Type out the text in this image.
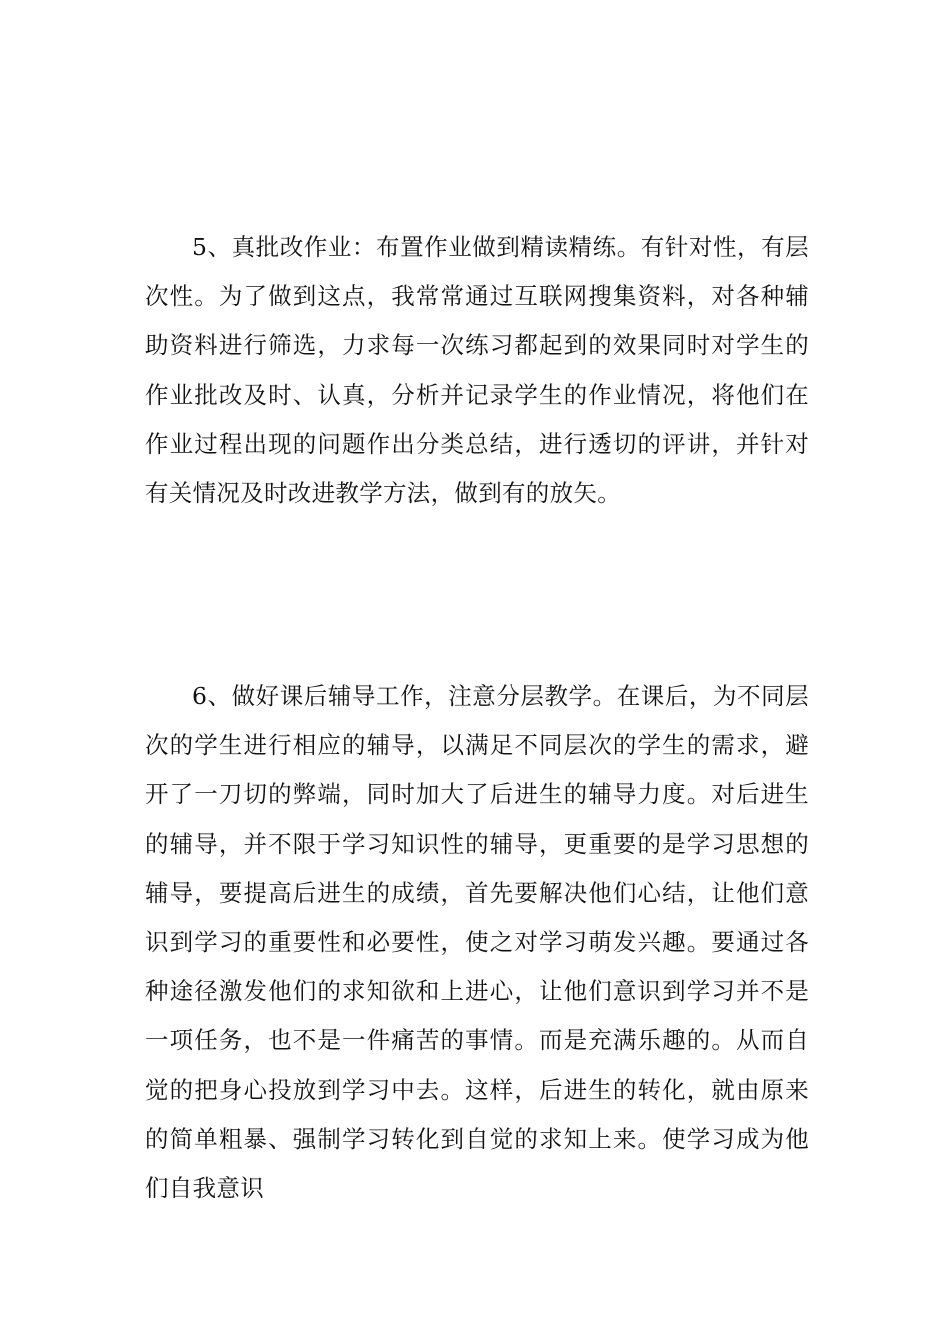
5、真批改作业：布置作业做到精读精练。有针对性，有层次性。为了做到这点，我常常通过互联网搜集资料，对各种辅助资料进行筛选，力求每一次练习都起到的效果同时对学生的作业批改及时、认真，分析并记录学生的作业情况，将他们在作业过程出现的问题作出分类总结，进行透切的评讲，并针对有关情况及时改进教学方法，做到有的放矢。

6、做好课后辅导工作，注意分层教学。在课后，为不同层次的学生进行相应的辅导，以满足不同层次的学生的需求，避开了一刀切的弊端，同时加大了后进生的辅导力度。对后进生的辅导，并不限于学习知识性的辅导，更重要的是学习思想的辅导，要提高后进生的成绩，首先要解决他们心结，让他们意识到学习的重要性和必要性，使之对学习萌发兴趣。要通过各种途径激发他们的求知欲和上进心，让他们意识到学习并不是一项任务，也不是一件痛苦的事情。而是充满乐趣的。从而自觉的把身心投放到学习中去。这样，后进生的转化，就由原来的简单粗暴、强制学习转化到自觉的求知上来。使学习成为他们自我意识
